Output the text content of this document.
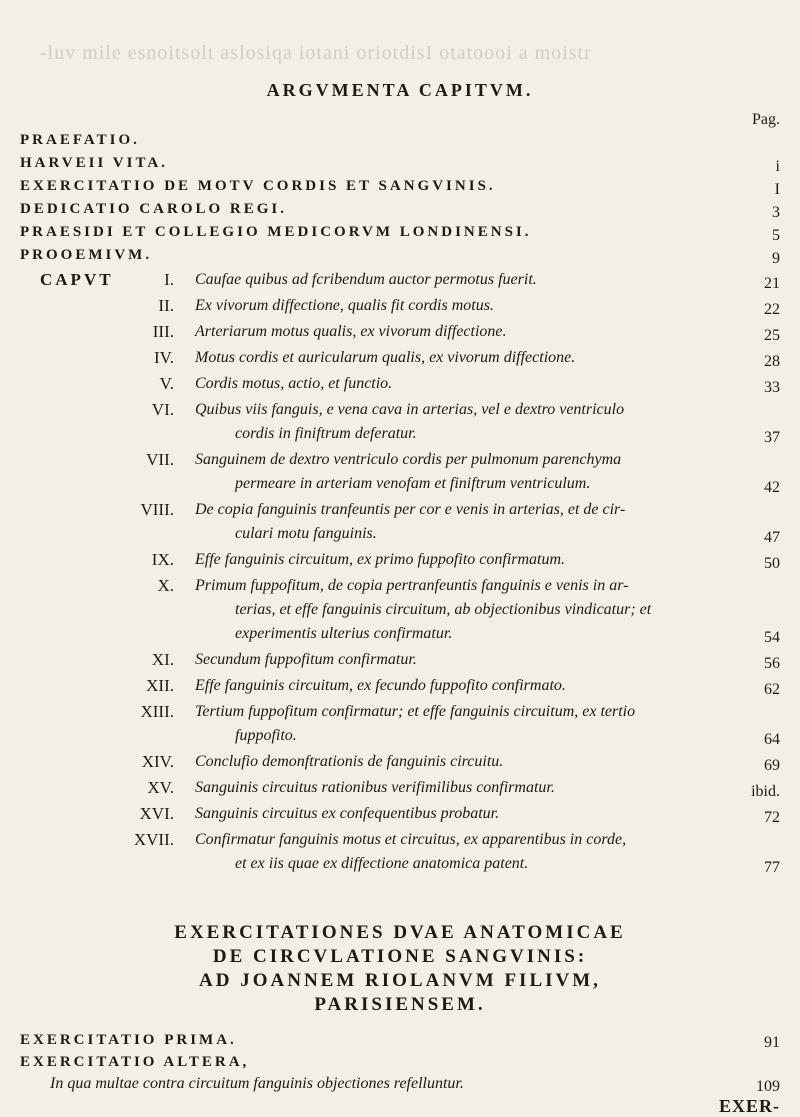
-luv mile esnoitsolt aslosiqa iotani oriotdisI otatoooi a moistr
ARGVMENTA CAPITVM.
Pag.
PRAEFATIO.
HARVEII VITA.	i
EXERCITATIO DE MOTV CORDIS ET SANGVINIS.	I
DEDICATIO CAROLO REGI.	3
PRAESIDI ET COLLEGIO MEDICORVM LONDINENSI.	5
PROOEMIVM.	9
CAPVT	I. Caufae quibus ad fcribendum auctor permotus fuerit.	21
II. Ex vivorum diffectione, qualis fit cordis motus.	22
III. Arteriarum motus qualis, ex vivorum diffectione.	25
IV. Motus cordis et auricularum qualis, ex vivorum diffectione.	28
V. Cordis motus, actio, et functio.	33
VI. Quibus viis fanguis, e vena cava in arterias, vel e dextro ventriculo
cordis in finiftrum deferatur.	37
VII. Sanguinem de dextro ventriculo cordis per pulmonum parenchyma
permeare in arteriam venofam et finiftrum ventriculum.	42
VIII. De copia fanguinis tranfeuntis per cor e venis in arterias, et de cir-
culari motu fanguinis.	47
IX. Effe fanguinis circuitum, ex primo fuppofito confirmatum.	50
X. Primum fuppofitum, de copia pertranfeuntis fanguinis e venis in ar-
terias, et effe fanguinis circuitum, ab objectionibus vindicatur; et
experimentis ulterius confirmatur.	54
XI. Secundum fuppofitum confirmatur.	56
XII. Effe fanguinis circuitum, ex fecundo fuppofito confirmato.	62
XIII. Tertium fuppofitum confirmatur; et effe fanguinis circuitum, ex tertio
fuppofito.	64
XIV. Conclufio demonftrationis de fanguinis circuitu.	69
XV. Sanguinis circuitus rationibus verifimilibus confirmatur.	ibid.
XVI. Sanguinis circuitus ex confequentibus probatur.	72
XVII. Confirmatur fanguinis motus et circuitus, ex apparentibus in corde,
et ex iis quae ex diffectione anatomica patent.	77
EXERCITATIONES DVAE ANATOMICAE
DE CIRCVLATIONE SANGVINIS:
AD JOANNEM RIOLANVM FILIVM,
PARISIENSEM.
EXERCITATIO PRIMA.	91
EXERCITATIO ALTERA,
In qua multae contra circuitum fanguinis objectiones refelluntur.	109
EXER-
